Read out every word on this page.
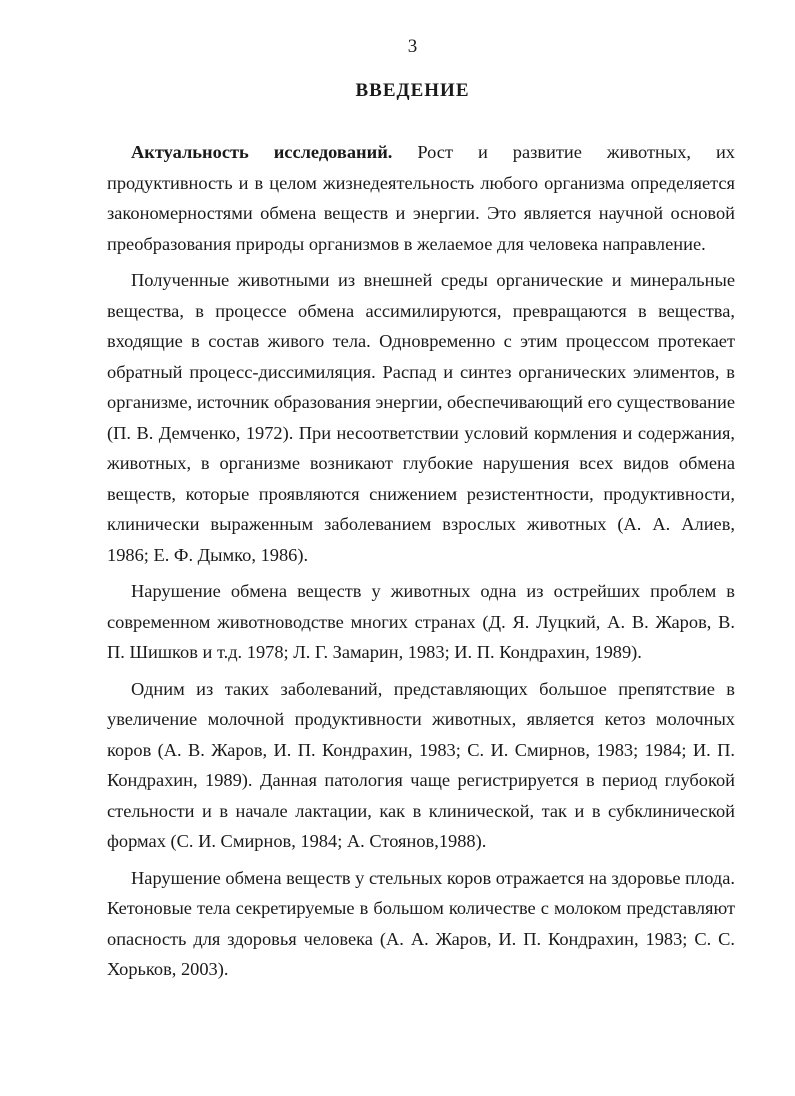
3
ВВЕДЕНИЕ

Актуальность исследований. Рост и развитие животных, их продуктивность и в целом жизнедеятельность любого организма определяется закономерностями обмена веществ и энергии. Это является научной основой преобразования природы организмов в желаемое для человека направление.

Полученные животными из внешней среды органические и минеральные вещества, в процессе обмена ассимилируются, превращаются в вещества, входящие в состав живого тела. Одновременно с этим процессом протекает обратный процесс-диссимиляция. Распад и синтез органических элиментов, в организме, источник образования энергии, обеспечивающий его существование (П. В. Демченко, 1972). При несоответствии условий кормления и содержания, животных, в организме возникают глубокие нарушения всех видов обмена веществ, которые проявляются снижением резистентности, продуктивности, клинически выраженным заболеванием взрослых животных (А. А. Алиев, 1986; Е. Ф. Дымко, 1986).

Нарушение обмена веществ у животных одна из острейших проблем в современном животноводстве многих странах (Д. Я. Луцкий, А. В. Жаров, В. П. Шишков и т.д. 1978; Л. Г. Замарин, 1983; И. П. Кондрахин, 1989).

Одним из таких заболеваний, представляющих большое препятствие в увеличение молочной продуктивности животных, является кетоз молочных коров (А. В. Жаров, И. П. Кондрахин, 1983; С. И. Смирнов, 1983; 1984; И. П. Кондрахин, 1989). Данная патология чаще регистрируется в период глубокой стельности и в начале лактации, как в клинической, так и в субклинической формах (С. И. Смирнов, 1984; А. Стоянов,1988).

Нарушение обмена веществ у стельных коров отражается на здоровье плода. Кетоновые тела секретируемые в большом количестве с молоком представляют опасность для здоровья человека (А. А. Жаров, И. П. Кондрахин, 1983; С. С. Хорьков, 2003).
